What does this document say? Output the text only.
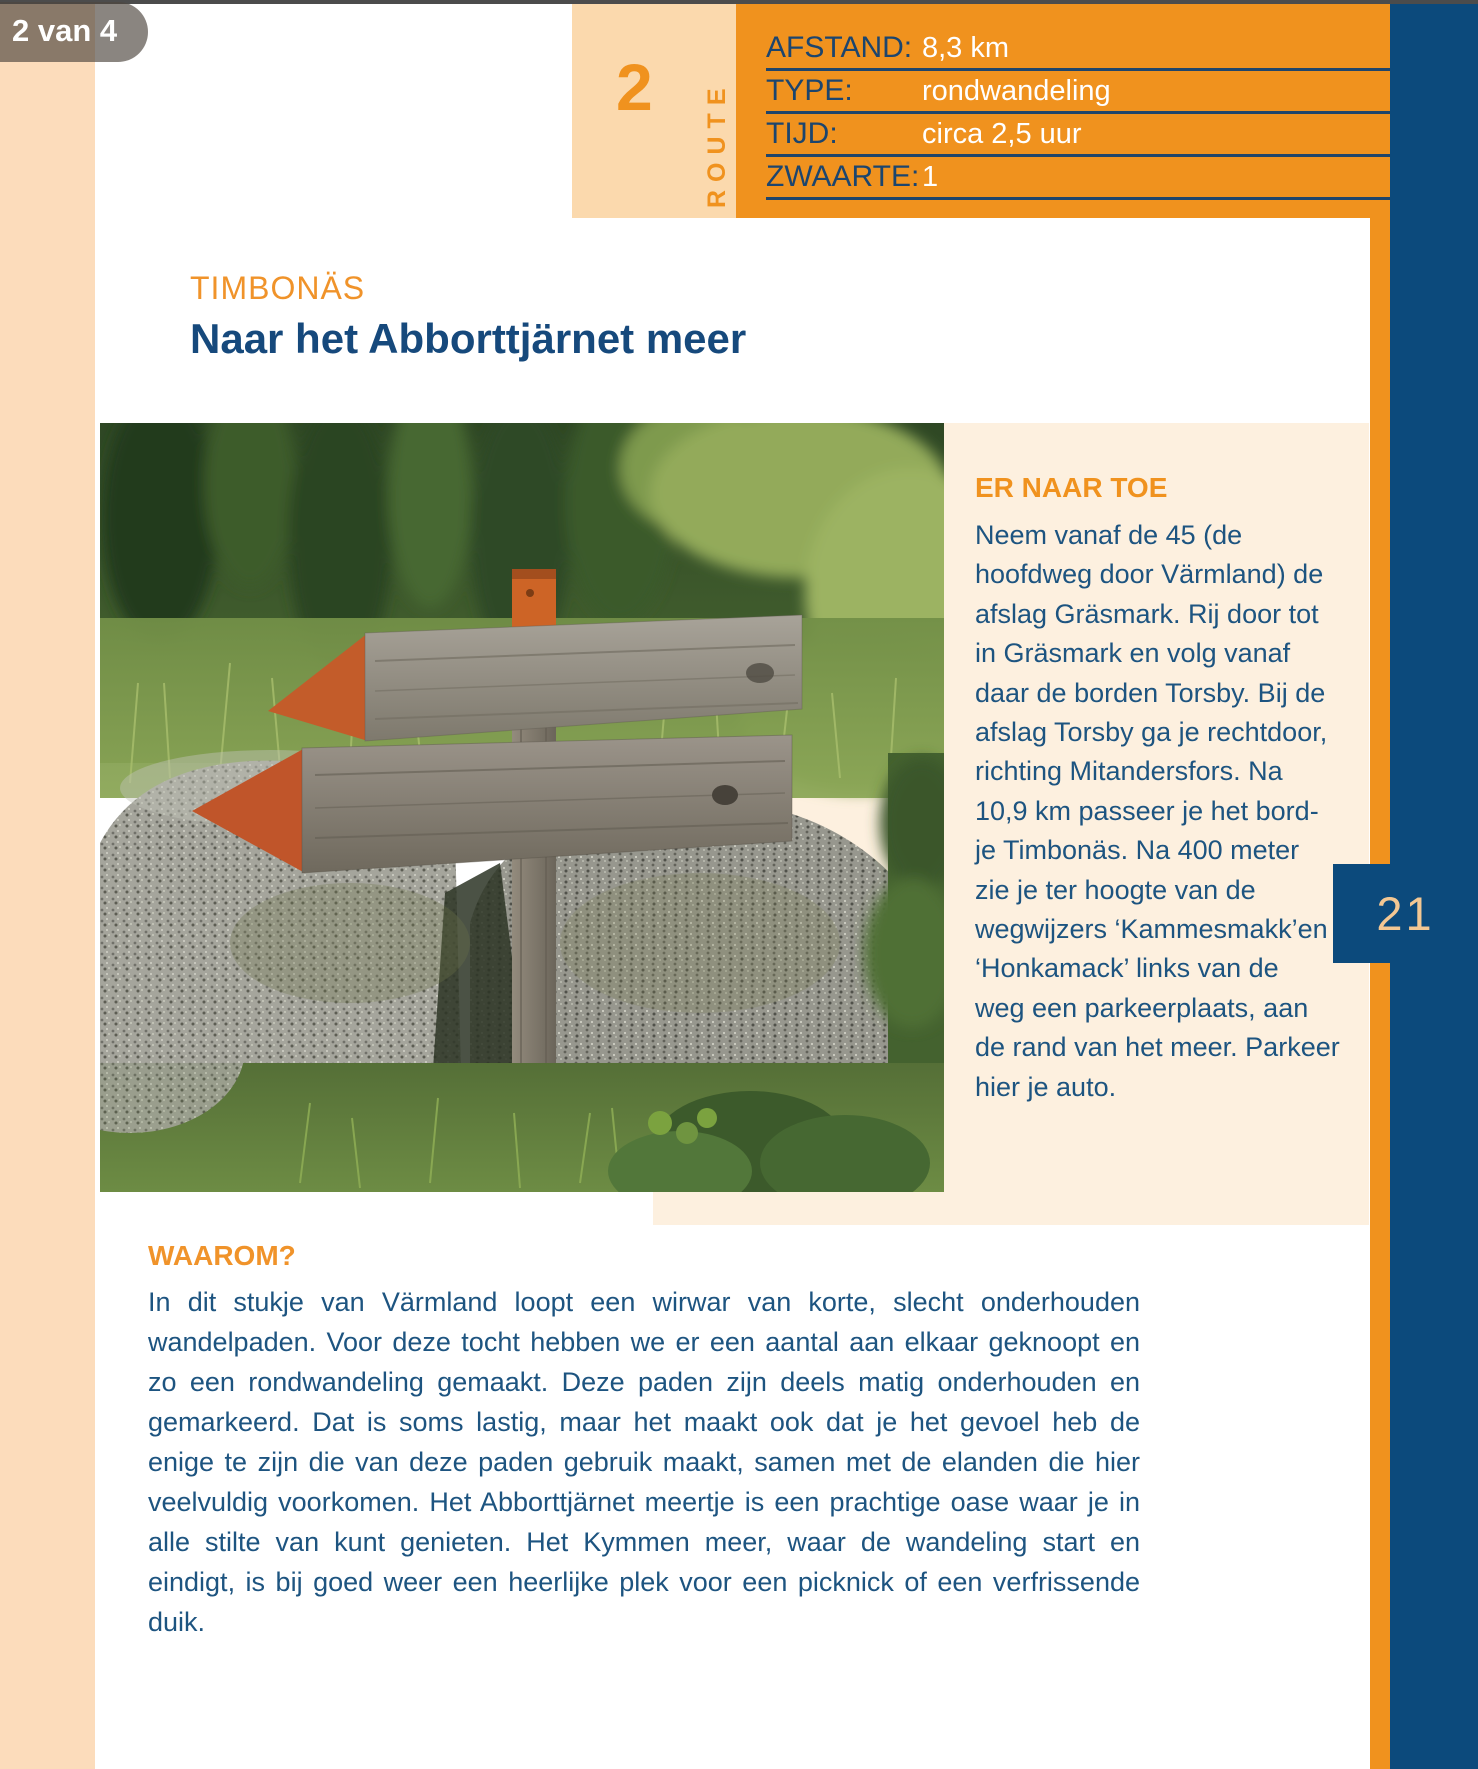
2 van 4
2 ROUTE
AFSTAND: 8,3 km
TYPE:	rondwandeling
TIJD:	circa 2,5 uur
ZWAARTE: 1
TIMBONÄS
Naar het Abborttjärnet meer
ER NAAR TOE
Neem vanaf de 45 (de
hoofdweg door Värmland) de
afslag Gräsmark. Rij door tot
in Gräsmark en volg vanaf
daar de borden Torsby. Bij de
afslag Torsby ga je rechtdoor,
richting Mitandersfors. Na
10,9 km passeer je het bord-
je Timbonäs. Na 400 meter
zie je ter hoogte van de
wegwijzers ‘Kammesmakk’en
‘Honkamack’ links van de
weg een parkeerplaats, aan
de rand van het meer. Parkeer
hier je auto.
21
WAAROM?
In dit stukje van Värmland loopt een wirwar van korte, slecht onderhouden wandelpaden. Voor deze tocht hebben we er een aantal aan elkaar geknoopt en zo een rondwandeling gemaakt. Deze paden zijn deels matig onderhouden en gemarkeerd. Dat is soms lastig, maar het maakt ook dat je het gevoel heb de enige te zijn die van deze paden gebruik maakt, samen met de elanden die hier veelvuldig voorkomen. Het Abborttjärnet meertje is een prachtige oase waar je in alle stilte van kunt genieten. Het Kymmen meer, waar de wandeling start en eindigt, is bij goed weer een heerlijke plek voor een picknick of een verfrissende duik.
